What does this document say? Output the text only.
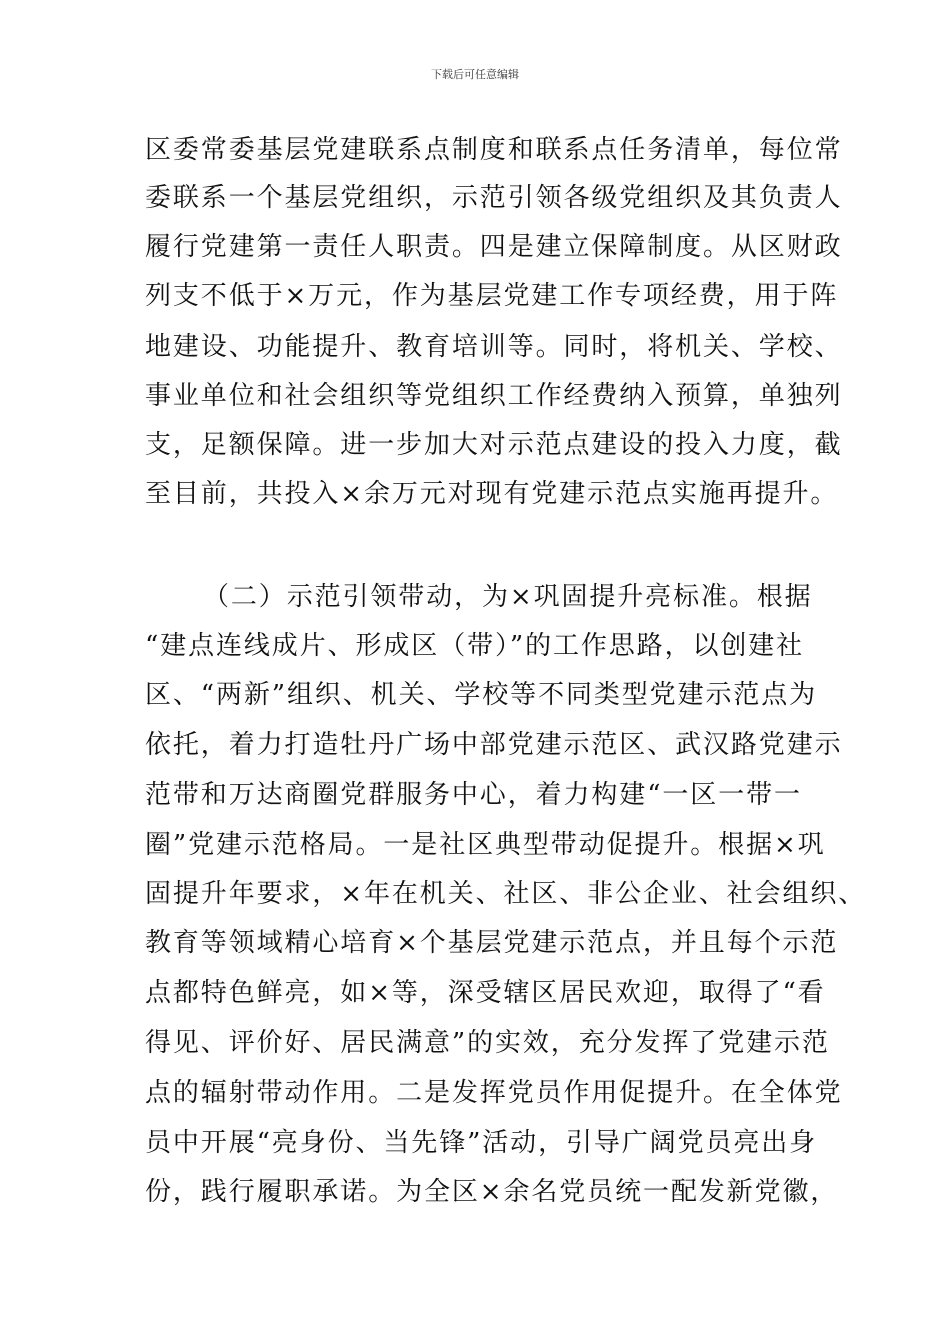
下载后可任意编辑
区委常委基层党建联系点制度和联系点任务清单，每位常
委联系一个基层党组织，示范引领各级党组织及其负责人
履行党建第一责任人职责。四是建立保障制度。从区财政
列支不低于×万元，作为基层党建工作专项经费，用于阵
地建设、功能提升、教育培训等。同时，将机关、学校、
事业单位和社会组织等党组织工作经费纳入预算，单独列
支，足额保障。进一步加大对示范点建设的投入力度，截
至目前，共投入×余万元对现有党建示范点实施再提升。
（二）示范引领带动，为×巩固提升亮标准。根据
“建点连线成片、形成区（带）”的工作思路，以创建社
区、“两新”组织、机关、学校等不同类型党建示范点为
依托，着力打造牡丹广场中部党建示范区、武汉路党建示
范带和万达商圈党群服务中心，着力构建“一区一带一
圈”党建示范格局。一是社区典型带动促提升。根据×巩
固提升年要求，×年在机关、社区、非公企业、社会组织、
教育等领域精心培育×个基层党建示范点，并且每个示范
点都特色鲜亮，如×等，深受辖区居民欢迎，取得了“看
得见、评价好、居民满意”的实效，充分发挥了党建示范
点的辐射带动作用。二是发挥党员作用促提升。在全体党
员中开展“亮身份、当先锋”活动，引导广阔党员亮出身
份，践行履职承诺。为全区×余名党员统一配发新党徽，
